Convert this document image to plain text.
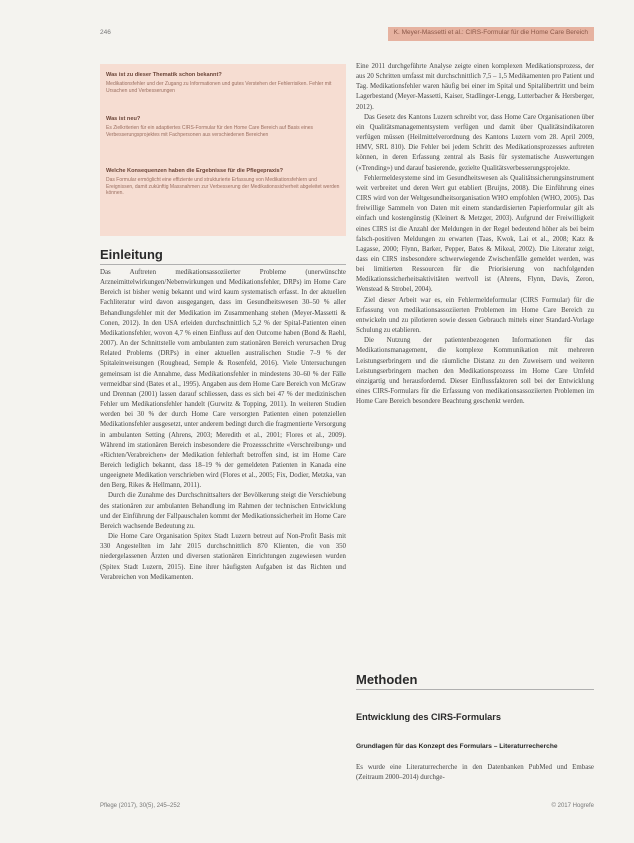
246	K. Meyer-Massetti et al.: CIRS-Formular für die Home Care Bereich
Was ist zu dieser Thematik schon bekannt?
Medikationsfehler und der Zugang zu Informationen und gutes Verstehen der Fehlerrisiken. Fehler mit Ursachen und Verbesserungen
Was ist neu?
Es Zielkriterien für ein adaptiertes CIRS-Formular für den Home Care Bereich auf Basis eines Verbesserungsprojektes mit Fachpersonen aus verschiedenen Bereichen
Welche Konsequenzen haben die Ergebnisse für die Pflegepraxis?
Das Formular ermöglicht eine effiziente und strukturierte Erfassung von Medikationsfehlern und Ereignissen, damit zukünftig Massnahmen zur Verbesserung der Medikationssicherheit abgeleitet werden können.
Einleitung

Das Auftreten medikationsassoziierter Probleme (unerwünschte Arzneimittelwirkungen/Nebenwirkungen und Medikationsfehler, DRPs) im Home Care Bereich ist bisher wenig bekannt und wird kaum systematisch erfasst. In der aktuellen Fachliteratur wird davon ausgegangen, dass im Gesundheitswesen 30–50 % aller Behandlungsfehler mit der Medikation im Zusammenhang stehen (Meyer-Massetti & Conen, 2012). In den USA erleiden durchschnittlich 5,2 % der Spital-Patienten einen Medikationsfehler, wovon 4,7 % einen Einfluss auf den Outcome haben (Bond & Raehl, 2007). An der Schnittstelle vom ambulanten zum stationären Bereich verursachen Drug Related Problems (DRPs) in einer aktuellen australischen Studie 7–9 % der Spitaleinweisungen (Roughead, Semple & Rosenfeld, 2016). Viele Untersuchungen gemeinsam ist die Annahme, dass Medikationsfehler in mindestens 30–60 % der Fälle vermeidbar sind (Bates et al., 1995). Angaben aus dem Home Care Bereich von McGraw und Drennan (2001) lassen darauf schliessen, dass es sich bei 47 % der medizinischen Fehler um Medikationsfehler handelt (Gurwitz & Topping, 2011). In weiteren Studien werden bei 30 % der durch Home Care versorgten Patienten einen potenziellen Medikationsfehler ausgesetzt, unter anderem bedingt durch die fragmentierte Versorgung in ambulanten Setting (Ahrens, 2003; Meredith et al., 2001; Flores et al., 2009). Während im stationären Bereich insbesondere die Prozessschritte «Verschreibung» und «Richten/Verabreichen» der Medikation fehlerhaft betroffen sind, ist im Home Care Bereich lediglich bekannt, dass 18–19 % der gemeldeten Patienten in Kanada eine ungeeignete Medikation verschrieben wird (Flores et al., 2005; Fix, Dodier, Metzka, van den Berg, Rikes & Hellmann, 2011).

Durch die Zunahme des Durchschnittsalters der Bevölkerung steigt die Verschiebung des stationären zur ambulanten Behandlung im Rahmen der technischen Entwicklung und der Einführung der Fallpauschalen kommt der Medikationssicherheit im Home Care Bereich wachsende Bedeutung zu.

Die Home Care Organisation Spitex Stadt Luzern betreut auf Non-Profit Basis mit 330 Angestellten im Jahr 2015 durchschnittlich 870 Klienten, die von 350 niedergelassenen Ärzten und diversen stationären Einrichtungen zugewiesen wurden (Spitex Stadt Luzern, 2015). Eine ihrer häufigsten Aufgaben ist das Richten und Verabreichen von Medikamenten.

Eine 2011 durchgeführte Analyse zeigte einen komplexen Medikationsprozess, der aus 20 Schritten umfasst mit durchschnittlich 7,5 – 1,5 Medikamenten pro Patient und Tag. Medikationsfehler waren häufig bei einer im Spital und Spitalübertritt und beim Lagerbestand (Meyer-Massetti, Kaiser, Stadlinger-Lengg, Lutterbacher & Hersberger, 2012).

Das Gesetz des Kantons Luzern schreibt vor, dass Home Care Organisationen über ein Qualitätsmanagementsystem verfügen und damit über Qualitätsindikatoren verfügen müssen (Heilmittelverordnung des Kantons Luzern vom 28. April 2009, HMV, SRL 810). Die Fehler bei jedem Schritt des Medikationsprozesses auftreten können, in deren Erfassung zentral als Basis für systematische Auswertungen («Trending») und darauf basierende, gezielte Qualitätsverbesserungsprojekte.

Fehlermeldesysteme sind im Gesundheitswesen als Qualitätssicherungsinstrument weit verbreitet und deren Wert gut etabliert (Bruijns, 2008). Die Einführung eines CIRS wird von der Weltgesundheitsorganisation WHO empfohlen (WHO, 2005). Das freiwillige Sammeln von Daten mit einem standardisierten Papierformular gilt als einfach und kostengünstig (Kleinert & Metzger, 2003). Aufgrund der Freiwilligkeit eines CIRS ist die Anzahl der Meldungen in der Regel bedeutend höher als bei beim falsch-positiven Meldungen zu erwarten (Taas, Kwok, Lai et al., 2008; Katz & Lagasse, 2000; Flynn, Barker, Pepper, Bates & Mikeal, 2002). Die Literatur zeigt, dass ein CIRS insbesondere schwerwiegende Zwischenfälle gemeldet werden, was bei limitierten Ressourcen für die Priorisierung von nachfolgenden Medikationssicherheitsaktivitäten wertvoll ist (Ahrens, Flynn, Davis, Zeron, Wenstead & Strobel, 2004).

Ziel dieser Arbeit war es, ein Fehlermeldeformular (CIRS Formular) für die Erfassung von medikationsassoziierten Problemen im Home Care Bereich zu entwickeln und zu pilotieren sowie dessen Gebrauch mittels einer Standard-Vorlage Schulung zu etablieren.

Die Nutzung der patientenbezogenen Informationen für das Medikationsmanagement, die komplexe Kommunikation mit mehreren Leistungserbringern und die räumliche Distanz zu den Zuweisern und weiteren Leistungserbringern machen den Medikationsprozess im Home Care Umfeld einzigartig und herausfordernd. Dieser Einflussfaktoren soll bei der Entwicklung eines CIRS-Formulars für die Erfassung von medikationsassoziierten Problemen im Home Care Bereich besondere Beachtung geschenkt werden.

Methoden
Entwicklung des CIRS-Formulars
Grundlagen für das Konzept des Formulars – Literaturrecherche

Es wurde eine Literaturrecherche in den Datenbanken PubMed und Embase (Zeitraum 2000–2014) durchge-

Pflege (2017), 30(5), 245–252	© 2017 Hogrefe
